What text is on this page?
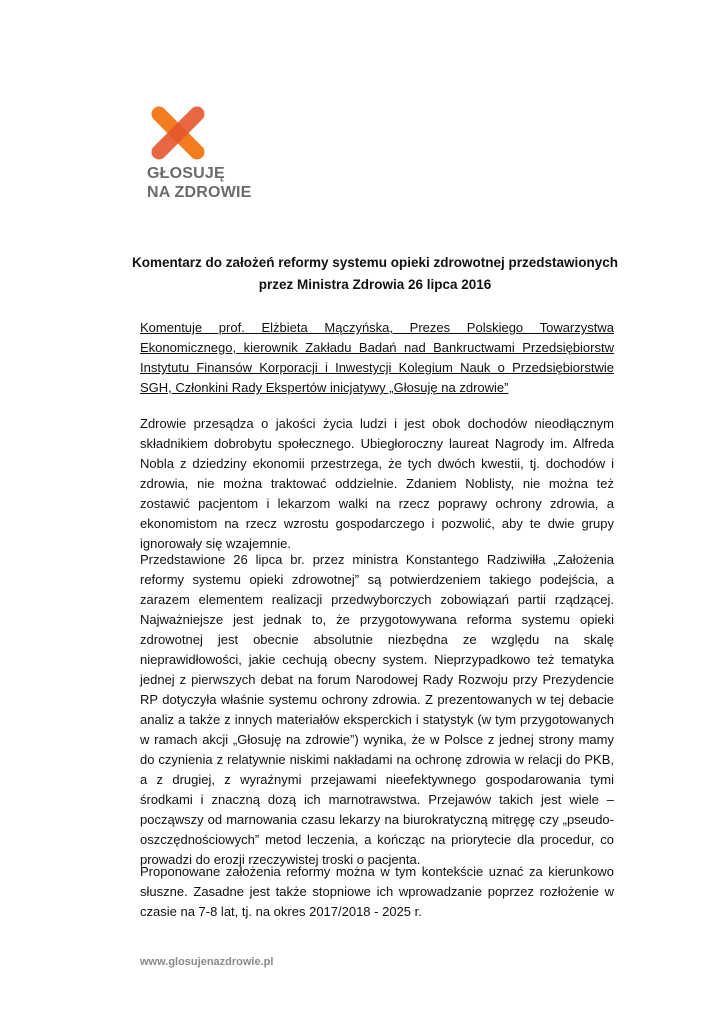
GŁOSUJĘ
NA ZDROWIE
Komentarz do założeń reformy systemu opieki zdrowotnej przedstawionych
przez Ministra Zdrowia 26 lipca 2016

Komentuje prof. Elżbieta Mączyńska, Prezes Polskiego Towarzystwa Ekonomicznego, kierownik Zakładu Badań nad Bankructwami Przedsiębiorstw Instytutu Finansów Korporacji i Inwestycji Kolegium Nauk o Przedsiębiorstwie SGH, Członkini Rady Ekspertów inicjatywy „Głosuję na zdrowie”

Zdrowie przesądza o jakości życia ludzi i jest obok dochodów nieodłącznym składnikiem dobrobytu społecznego. Ubiegłoroczny laureat Nagrody im. Alfreda Nobla z dziedziny ekonomii przestrzega, że tych dwóch kwestii, tj. dochodów i zdrowia, nie można traktować oddzielnie. Zdaniem Noblisty, nie można też zostawić pacjentom i lekarzom walki na rzecz poprawy ochrony zdrowia, a ekonomistom na rzecz wzrostu gospodarczego i pozwolić, aby te dwie grupy ignorowały się wzajemnie.

Przedstawione 26 lipca br. przez ministra Konstantego Radziwiłła „Założenia reformy systemu opieki zdrowotnej” są potwierdzeniem takiego podejścia, a zarazem elementem realizacji przedwyborczych zobowiązań partii rządzącej. Najważniejsze jest jednak to, że przygotowywana reforma systemu opieki zdrowotnej jest obecnie absolutnie niezbędna ze względu na skalę nieprawidłowości, jakie cechują obecny system. Nieprzypadkowo też tematyka jednej z pierwszych debat na forum Narodowej Rady Rozwoju przy Prezydencie RP dotyczyła właśnie systemu ochrony zdrowia. Z prezentowanych w tej debacie analiz a także z innych materiałów eksperckich i statystyk (w tym przygotowanych w ramach akcji „Głosuję na zdrowie”) wynika, że w Polsce z jednej strony mamy do czynienia z relatywnie niskimi nakładami na ochronę zdrowia w relacji do PKB, a z drugiej, z wyraźnymi przejawami nieefektywnego gospodarowania tymi środkami i znaczną dozą ich marnotrawstwa. Przejawów takich jest wiele – począwszy od marnowania czasu lekarzy na biurokratyczną mitręgę czy „pseudo-oszczędnościowych” metod leczenia, a kończąc na priorytecie dla procedur, co prowadzi do erozji rzeczywistej troski o pacjenta.

Proponowane założenia reformy można w tym kontekście uznać za kierunkowo słuszne. Zasadne jest także stopniowe ich wprowadzanie poprzez rozłożenie w czasie na 7-8 lat, tj. na okres 2017/2018 - 2025 r.

www.glosujenazdrowie.pl
